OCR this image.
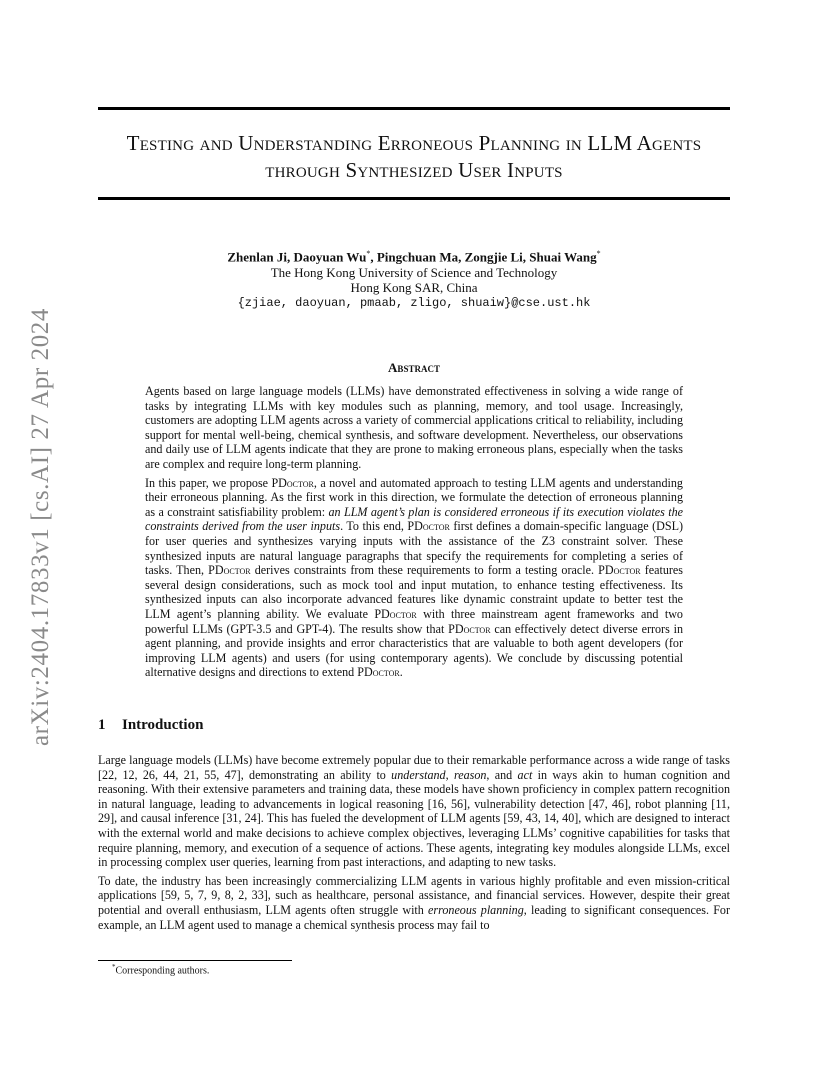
arXiv:2404.17833v1 [cs.AI] 27 Apr 2024
Testing and Understanding Erroneous Planning in LLM Agents
through Synthesized User Inputs
Zhenlan Ji, Daoyuan Wu*, Pingchuan Ma, Zongjie Li, Shuai Wang*
The Hong Kong University of Science and Technology
Hong Kong SAR, China
{zjiae, daoyuan, pmaab, zligo, shuaiw}@cse.ust.hk
Abstract

Agents based on large language models (LLMs) have demonstrated effectiveness in solving a wide range of tasks by integrating LLMs with key modules such as planning, memory, and tool usage. Increasingly, customers are adopting LLM agents across a variety of commercial applications critical to reliability, including support for mental well-being, chemical synthesis, and software development. Nevertheless, our observations and daily use of LLM agents indicate that they are prone to making erroneous plans, especially when the tasks are complex and require long-term planning.

In this paper, we propose PDoctor, a novel and automated approach to testing LLM agents and understanding their erroneous planning. As the first work in this direction, we formulate the detection of erroneous planning as a constraint satisfiability problem: an LLM agent’s plan is considered erroneous if its execution violates the constraints derived from the user inputs. To this end, PDoctor first defines a domain-specific language (DSL) for user queries and synthesizes varying inputs with the assistance of the Z3 constraint solver. These synthesized inputs are natural language paragraphs that specify the requirements for completing a series of tasks. Then, PDoctor derives constraints from these requirements to form a testing oracle. PDoctor features several design considerations, such as mock tool and input mutation, to enhance testing effectiveness. Its synthesized inputs can also incorporate advanced features like dynamic constraint update to better test the LLM agent’s planning ability. We evaluate PDoctor with three mainstream agent frameworks and two powerful LLMs (GPT-3.5 and GPT-4). The results show that PDoctor can effectively detect diverse errors in agent planning, and provide insights and error characteristics that are valuable to both agent developers (for improving LLM agents) and users (for using contemporary agents). We conclude by discussing potential alternative designs and directions to extend PDoctor.

1 Introduction

Large language models (LLMs) have become extremely popular due to their remarkable performance across a wide range of tasks [22, 12, 26, 44, 21, 55, 47], demonstrating an ability to understand, reason, and act in ways akin to human cognition and reasoning. With their extensive parameters and training data, these models have shown proficiency in complex pattern recognition in natural language, leading to advancements in logical reasoning [16, 56], vulnerability detection [47, 46], robot planning [11, 29], and causal inference [31, 24]. This has fueled the development of LLM agents [59, 43, 14, 40], which are designed to interact with the external world and make decisions to achieve complex objectives, leveraging LLMs’ cognitive capabilities for tasks that require planning, memory, and execution of a sequence of actions. These agents, integrating key modules alongside LLMs, excel in processing complex user queries, learning from past interactions, and adapting to new tasks.

To date, the industry has been increasingly commercializing LLM agents in various highly profitable and even mission-critical applications [59, 5, 7, 9, 8, 2, 33], such as healthcare, personal assistance, and financial services. However, despite their great potential and overall enthusiasm, LLM agents often struggle with erroneous planning, leading to significant consequences. For example, an LLM agent used to manage a chemical synthesis process may fail to

*Corresponding authors.
